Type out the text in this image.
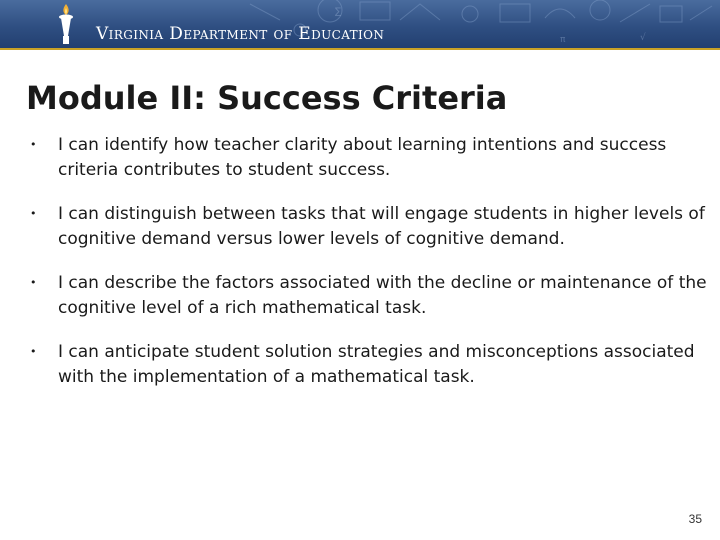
∑
π	√
Virginia Department of Education
Module II: Success Criteria
• I can identify how teacher clarity about learning intentions and success criteria contributes to student success.
• I can distinguish between tasks that will engage students in higher levels of cognitive demand versus lower levels of cognitive demand.
• I can describe the factors associated with the decline or maintenance of the cognitive level of a rich mathematical task.
• I can anticipate student solution strategies and misconceptions associated with the implementation of a mathematical task.
35
